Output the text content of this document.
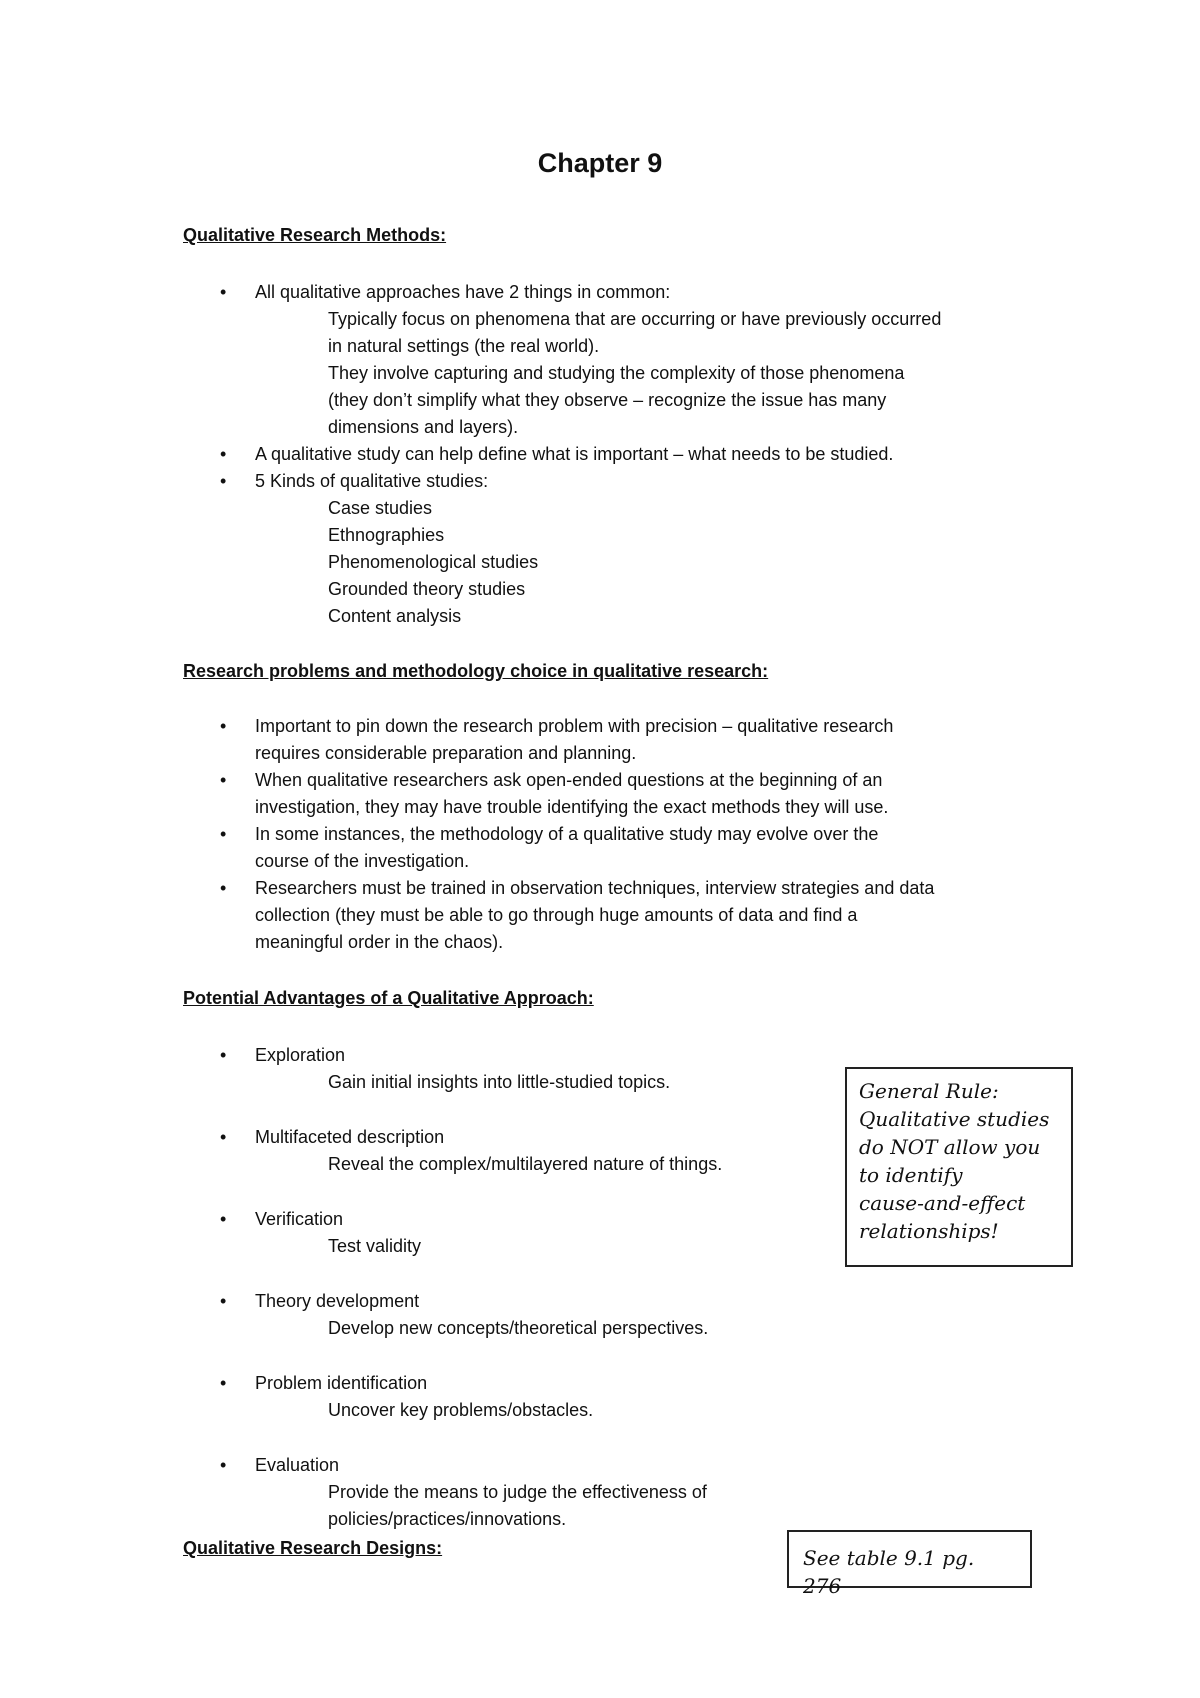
Chapter 9
Qualitative Research Methods:
• All qualitative approaches have 2 things in common:
Typically focus on phenomena that are occurring or have previously occurred
in natural settings (the real world).
They involve capturing and studying the complexity of those phenomena
(they don’t simplify what they observe – recognize the issue has many
dimensions and layers).
• A qualitative study can help define what is important – what needs to be studied.
• 5 Kinds of qualitative studies:
Case studies
Ethnographies
Phenomenological studies
Grounded theory studies
Content analysis
Research problems and methodology choice in qualitative research:
• Important to pin down the research problem with precision – qualitative research
requires considerable preparation and planning.
• When qualitative researchers ask open-ended questions at the beginning of an
investigation, they may have trouble identifying the exact methods they will use.
• In some instances, the methodology of a qualitative study may evolve over the
course of the investigation.
• Researchers must be trained in observation techniques, interview strategies and data
collection (they must be able to go through huge amounts of data and find a
meaningful order in the chaos).
Potential Advantages of a Qualitative Approach:
• Exploration
Gain initial insights into little-studied topics.
• Multifaceted description
Reveal the complex/multilayered nature of things.
• Verification
Test validity
• Theory development
Develop new concepts/theoretical perspectives.
• Problem identification
Uncover key problems/obstacles.
• Evaluation
Provide the means to judge the effectiveness of
policies/practices/innovations.
Qualitative Research Designs:
General Rule:
Qualitative studies
do NOT allow you
to identify
cause-and-effect
relationships!
See table 9.1 pg. 276
